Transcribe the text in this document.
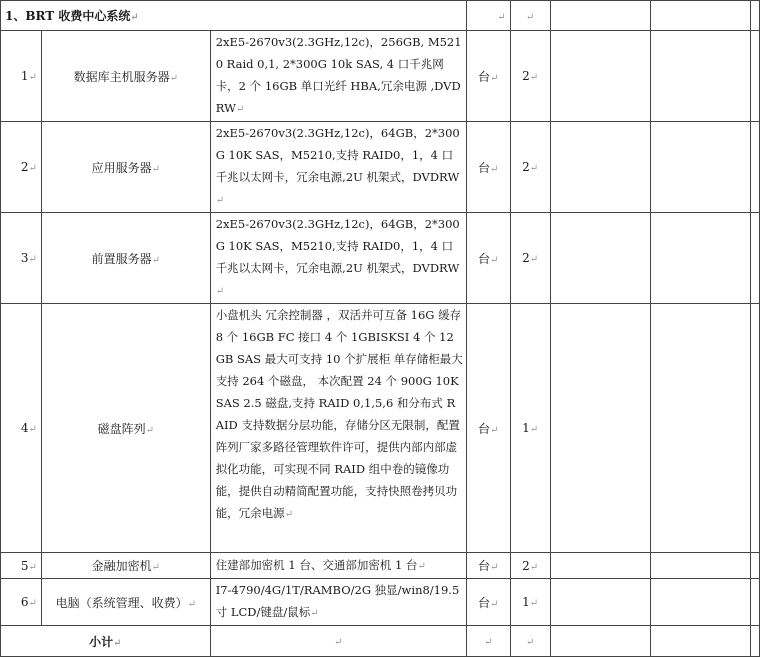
1、BRT 收费中心系统↵			↵	↵			
1↵	数据库主机服务器↵	2xE5-2670v3(2.3GHz,12c)，256GB, M5210 Raid 0,1, 2*300G 10k SAS, 4 口千兆网卡，2 个 16GB 单口光纤 HBA,冗余电源 ,DVDRW↵	台↵	2↵			
2↵	应用服务器↵	2xE5-2670v3(2.3GHz,12c)，64GB，2*300G 10K SAS，M5210,支持 RAID0，1，4 口千兆以太网卡，冗余电源,2U 机架式，DVDRW↵	台↵	2↵			
3↵	前置服务器↵	2xE5-2670v3(2.3GHz,12c)，64GB，2*300G 10K SAS，M5210,支持 RAID0，1，4 口千兆以太网卡，冗余电源,2U 机架式，DVDRW↵	台↵	2↵			
4↵	磁盘阵列↵	小盘机头 冗余控制器 ，双活并可互备 16G 缓存 8 个 16GB FC 接口 4 个 1GBISKSI 4 个 12GB SAS 最大可支持 10 个扩展柜 单存储柜最大支持 264 个磁盘， 本次配置 24 个 900G 10K SAS 2.5 磁盘,支持 RAID 0,1,5,6 和分布式 RAID 支持数据分层功能，存储分区无限制，配置阵列厂家多路径管理软件许可，提供内部内部虚拟化功能，可实现不同 RAID 组中卷的镜像功能，提供自动精简配置功能，支持快照卷拷贝功能，冗余电源↵	台↵	1↵			
5↵	金融加密机↵	住建部加密机 1 台、交通部加密机 1 台↵	台↵	2↵			
6↵	电脑（系统管理、收费）↵	I7-4790/4G/1T/RAMBO/2G 独显/win8/19.5 寸 LCD/键盘/鼠标↵	台↵	1↵			
小计↵		↵	↵	↵			
